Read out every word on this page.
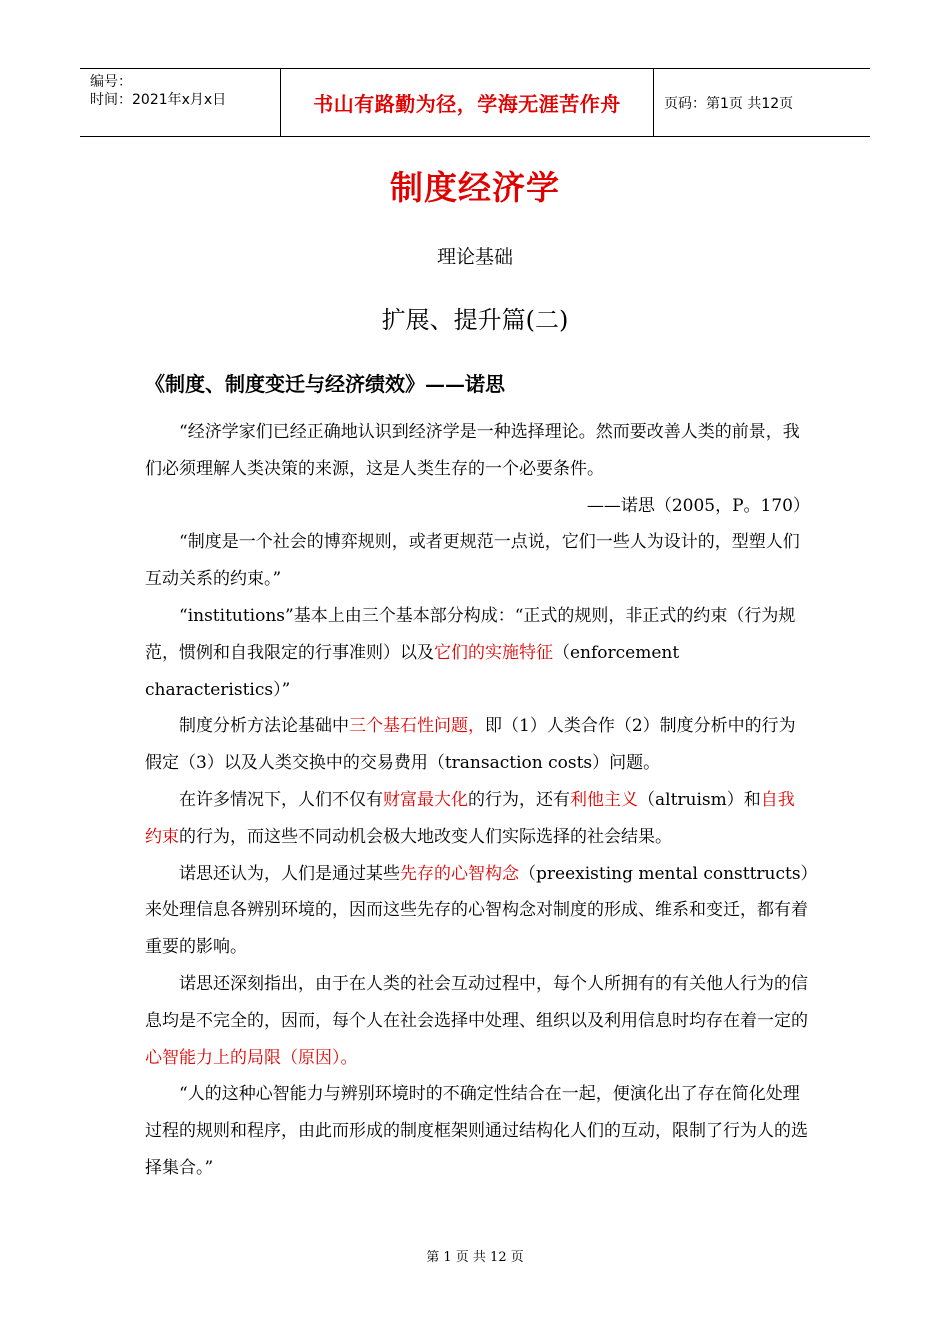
编号：
时间：2021年x月x日	书山有路勤为径，学海无涯苦作舟	页码：第1页 共12页
制度经济学
理论基础
扩展、提升篇(二)
《制度、制度变迁与经济绩效》——诺思

“经济学家们已经正确地认识到经济学是一种选择理论。然而要改善人类的前景，我们必须理解人类决策的来源，这是人类生存的一个必要条件。

——诺思（2005，P。170）

“制度是一个社会的博弈规则，或者更规范一点说，它们一些人为设计的，型塑人们互动关系的约束。”

“institutions”基本上由三个基本部分构成：“正式的规则，非正式的约束（行为规范，惯例和自我限定的行事准则）以及它们的实施特征（enforcement characteristics）”

制度分析方法论基础中三个基石性问题，即（1）人类合作（2）制度分析中的行为假定（3）以及人类交换中的交易费用（transaction costs）问题。

在许多情况下，人们不仅有财富最大化的行为，还有利他主义（altruism）和自我约束的行为，而这些不同动机会极大地改变人们实际选择的社会结果。

诺思还认为，人们是通过某些先存的心智构念（preexisting mental consttructs）来处理信息各辨别环境的，因而这些先存的心智构念对制度的形成、维系和变迁，都有着重要的影响。

诺思还深刻指出，由于在人类的社会互动过程中，每个人所拥有的有关他人行为的信息均是不完全的，因而，每个人在社会选择中处理、组织以及利用信息时均存在着一定的心智能力上的局限（原因）。

“人的这种心智能力与辨别环境时的不确定性结合在一起，便演化出了存在简化处理过程的规则和程序，由此而形成的制度框架则通过结构化人们的互动，限制了行为人的选择集合。”

第 1 页 共 12 页
